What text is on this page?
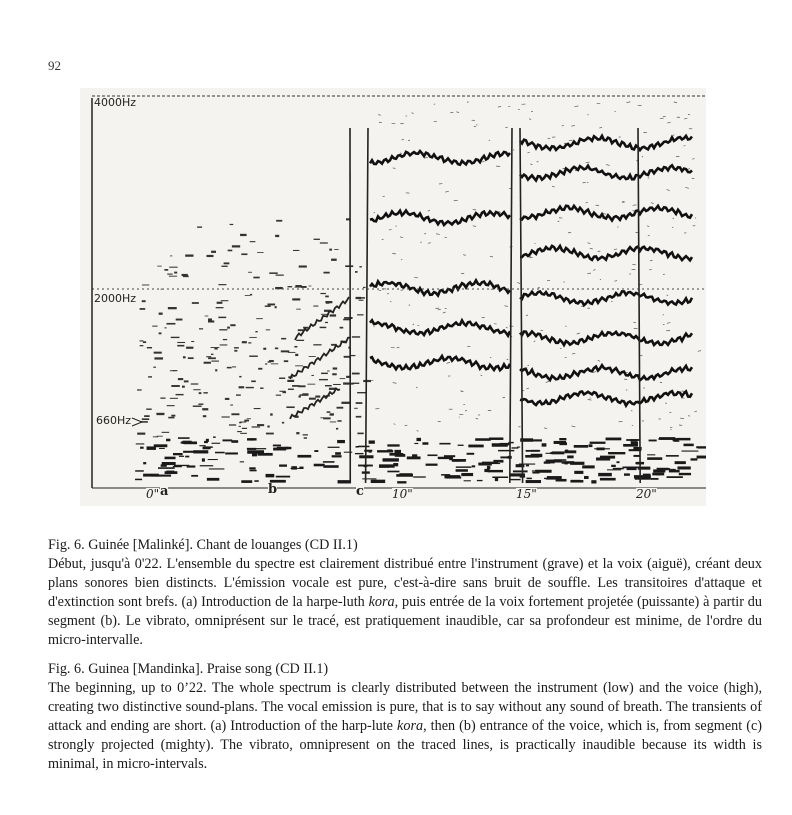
92
4000Hz
2000Hz
660Hz
0" a	b	c 10"	15"	20"

Fig. 6. Guinée [Malinké]. Chant de louanges (CD II.1)

Début, jusqu'à 0'22. L'ensemble du spectre est clairement distribué entre l'instrument (grave) et la voix (aiguë), créant deux plans sonores bien distincts. L'émission vocale est pure, c'est-à-dire sans bruit de souffle. Les transitoires d'attaque et d'extinction sont brefs. (a) Introduction de la harpe-luth kora, puis entrée de la voix fortement projetée (puissante) à partir du segment (b). Le vibrato, omniprésent sur le tracé, est pratiquement inaudible, car sa profondeur est minime, de l'ordre du micro-intervalle.

Fig. 6. Guinea [Mandinka]. Praise song (CD II.1)

The beginning, up to 0’22. The whole spectrum is clearly distributed between the instrument (low) and the voice (high), creating two distinctive sound-plans. The vocal emission is pure, that is to say without any sound of breath. The transients of attack and ending are short. (a) Introduction of the harp-lute kora, then (b) entrance of the voice, which is, from segment (c) strongly projected (mighty). The vibrato, omnipresent on the traced lines, is practically inaudible because its width is minimal, in micro-intervals.
